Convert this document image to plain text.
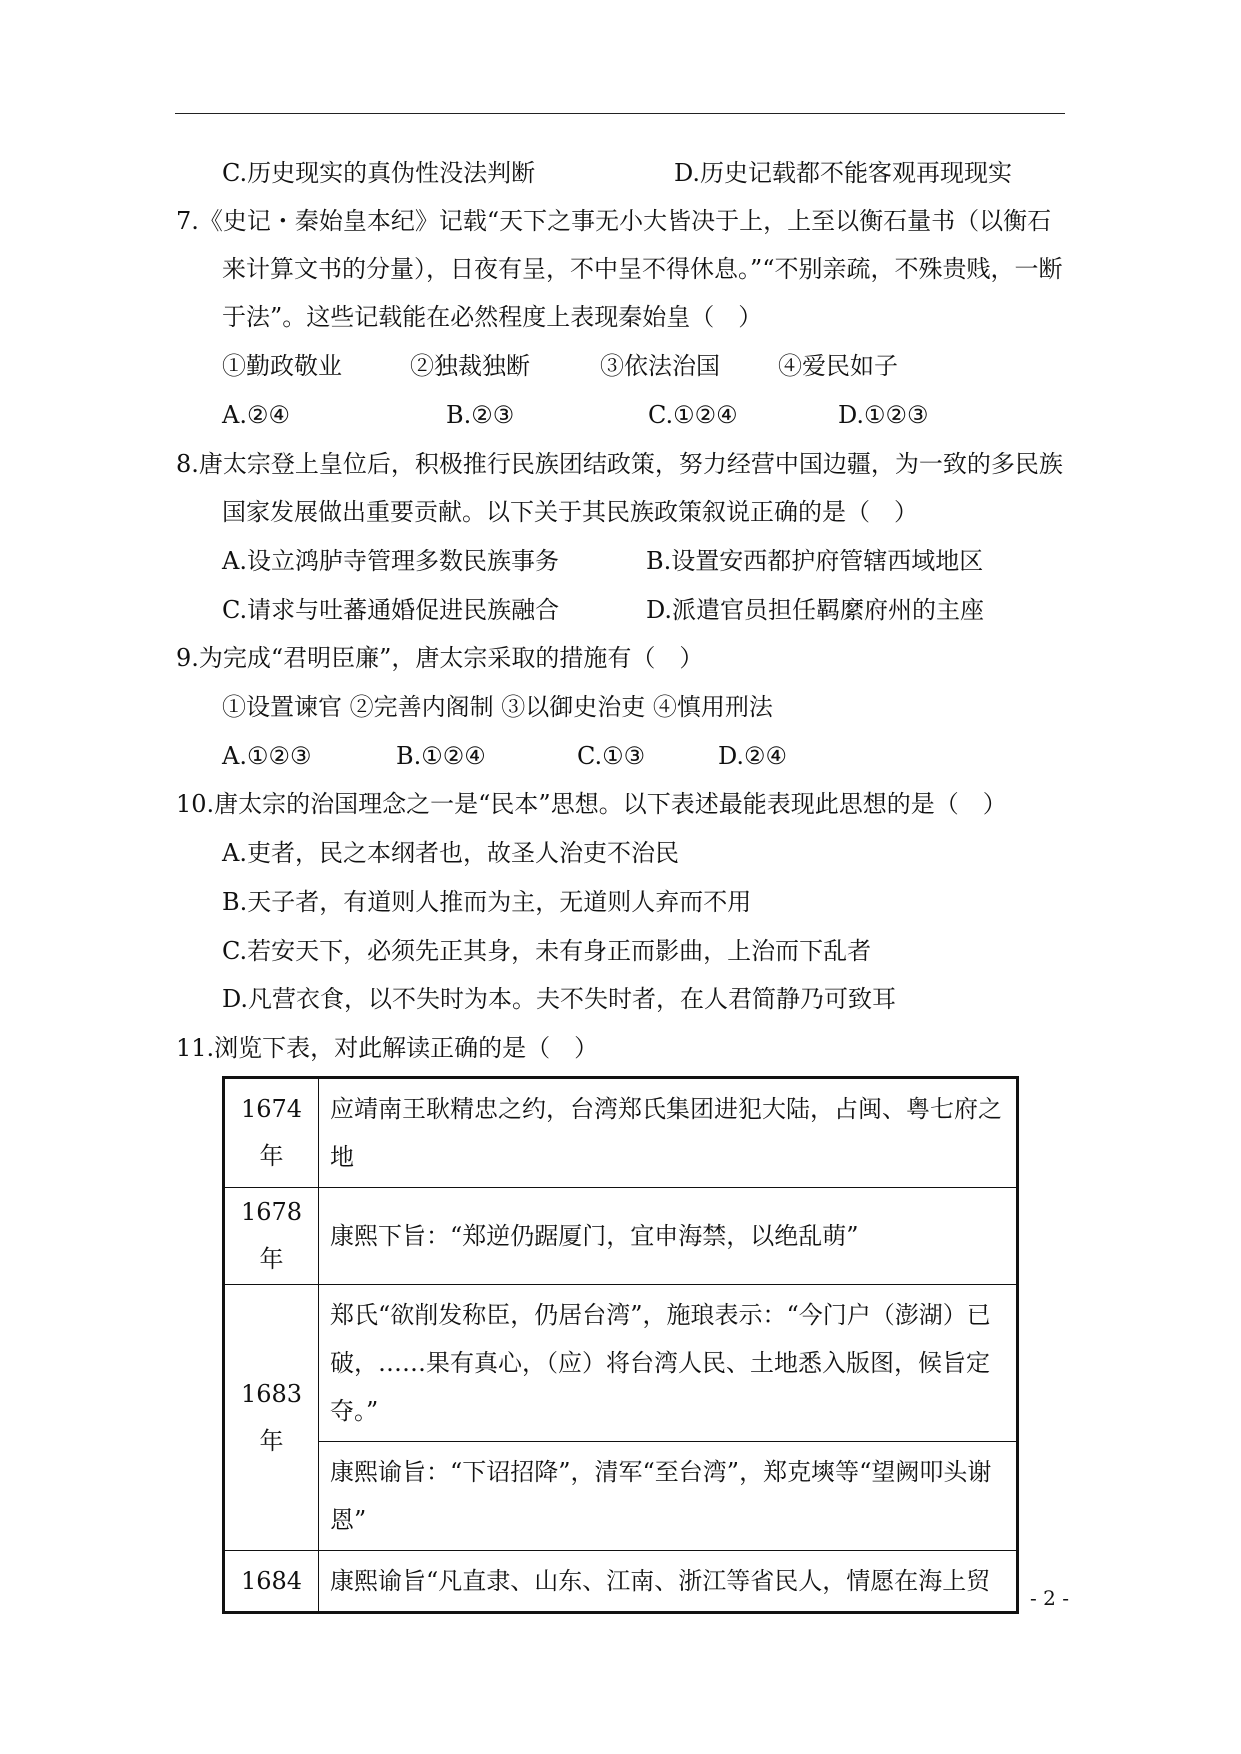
C.历史现实的真伪性没法判断	D.历史记载都不能客观再现现实
7.《史记・秦始皇本纪》记载“天下之事无小大皆决于上，上至以衡石量书（以衡石
来计算文书的分量），日夜有呈，不中呈不得休息。”“不别亲疏，不殊贵贱，一断
于法”。这些记载能在必然程度上表现秦始皇（　）
①勤政敬业	②独裁独断	③依法治国 ④爱民如子
A.②④	B.②③	C.①②④	D.①②③
8.唐太宗登上皇位后，积极推行民族团结政策，努力经营中国边疆，为一致的多民族
国家发展做出重要贡献。以下关于其民族政策叙说正确的是（　）
A.设立鸿胪寺管理多数民族事务	B.设置安西都护府管辖西域地区
C.请求与吐蕃通婚促进民族融合	D.派遣官员担任羁縻府州的主座
9.为完成“君明臣廉”，唐太宗采取的措施有（　）
①设置谏官 ②完善内阁制 ③以御史治吏 ④慎用刑法
A.①②③	B.①②④	C.①③	D.②④
10.唐太宗的治国理念之一是“民本”思想。以下表述最能表现此思想的是（　）
A.吏者，民之本纲者也，故圣人治吏不治民
B.天子者，有道则人推而为主，无道则人弃而不用
C.若安天下，必须先正其身，未有身正而影曲，上治而下乱者
D.凡营衣食，以不失时为本。夫不失时者，在人君简静乃可致耳
11.浏览下表，对此解读正确的是（　）
1674
年	应靖南王耿精忠之约，台湾郑氏集团进犯大陆，占闽、粤七府之地

1678
年	康熙下旨：“郑逆仍踞厦门，宜申海禁，以绝乱萌”

1683
年	郑氏“欲削发称臣，仍居台湾”，施琅表示：“今门户（澎湖）已破，……果有真心，（应）将台湾人民、土地悉入版图，候旨定夺。”
	康熙谕旨：“下诏招降”，清军“至台湾”，郑克塽等“望阙叩头谢恩”

1684	康熙谕旨“凡直隶、山东、江南、浙江等省民人，情愿在海上贸
- 2 -
